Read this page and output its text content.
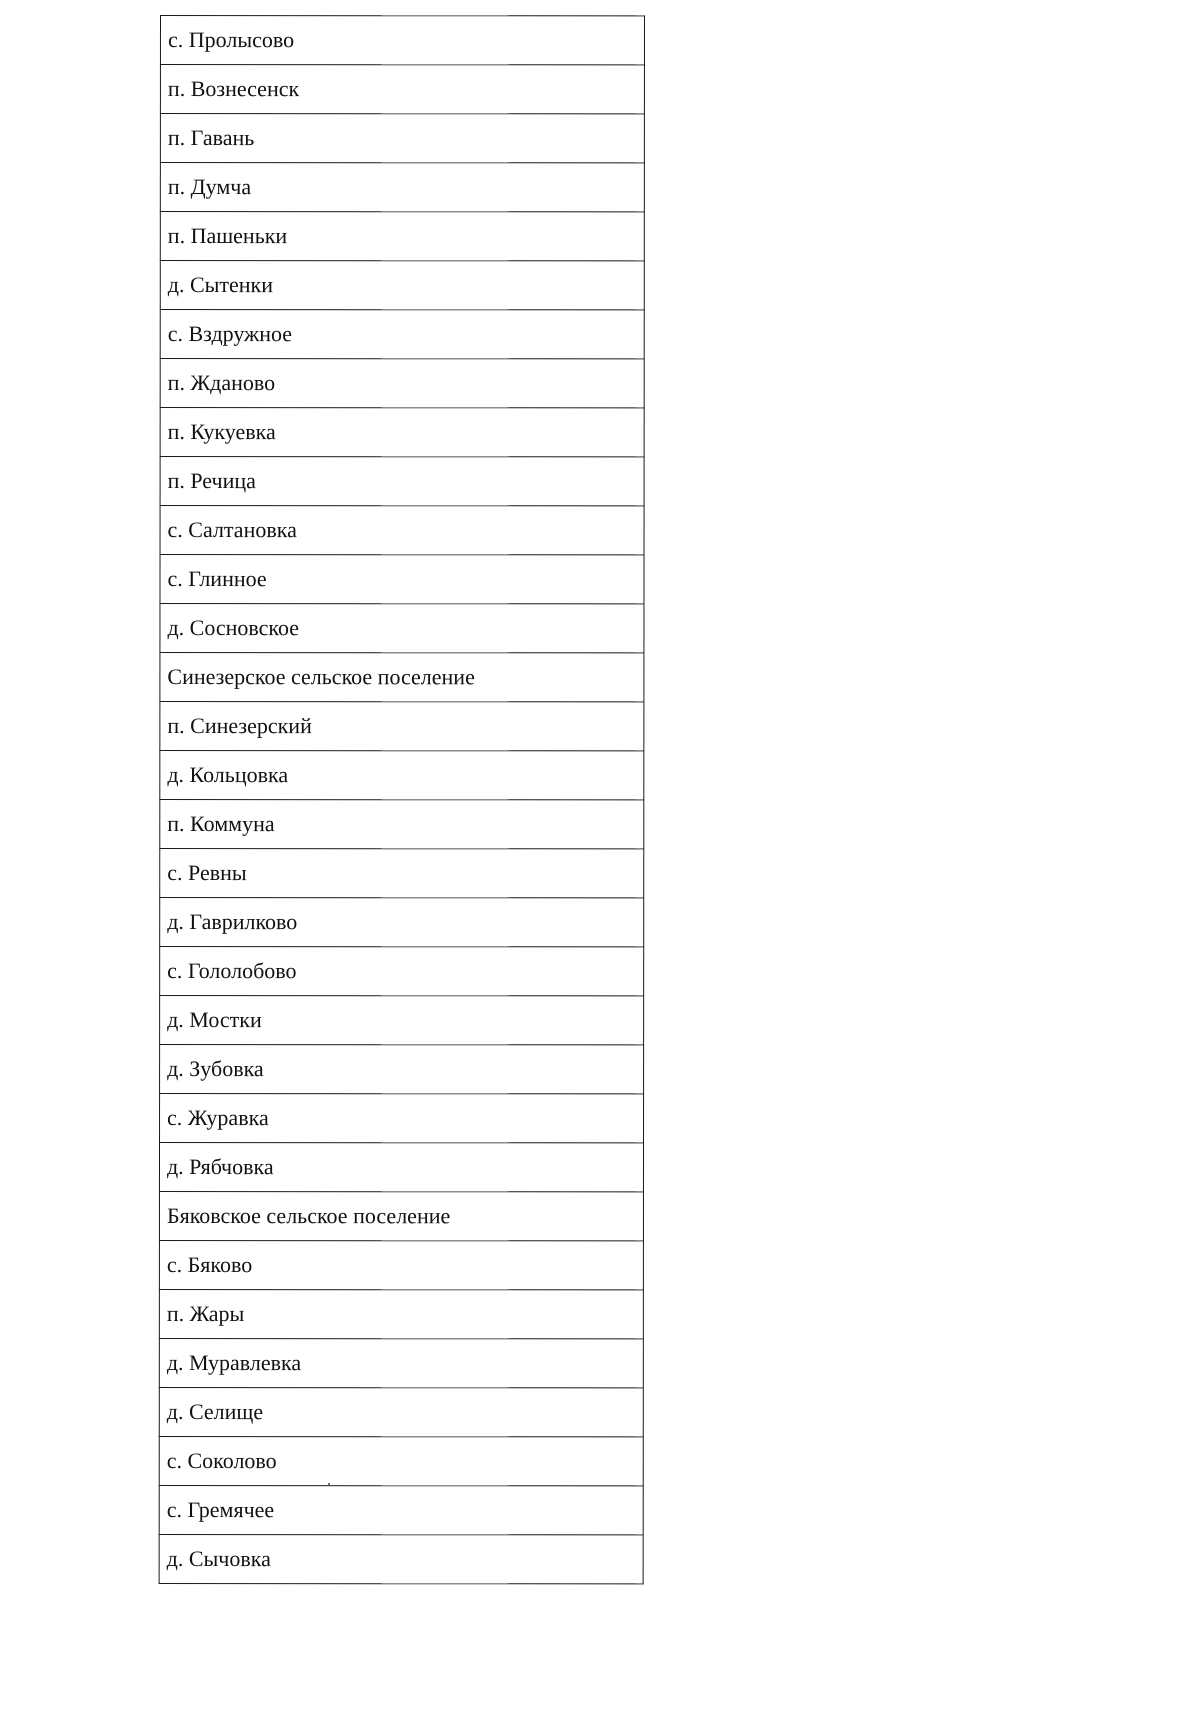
с. Пролысово
п. Вознесенск
п. Гавань
п. Думча
п. Пашеньки
д. Сытенки
с. Вздружное
п. Жданово
п. Кукуевка
п. Речица
с. Салтановка
с. Глинное
д. Сосновское
Синезерское сельское поселение
п. Синезерский
д. Кольцовка
п. Коммуна
с. Ревны
д. Гаврилково
с. Гололобово
д. Мостки
д. Зубовка
с. Журавка
д. Рябчовка
Бяковское сельское поселение
с. Бяково
п. Жары
д. Муравлевка
д. Селище
с. Соколово
с. Гремячее
д. Сычовка
